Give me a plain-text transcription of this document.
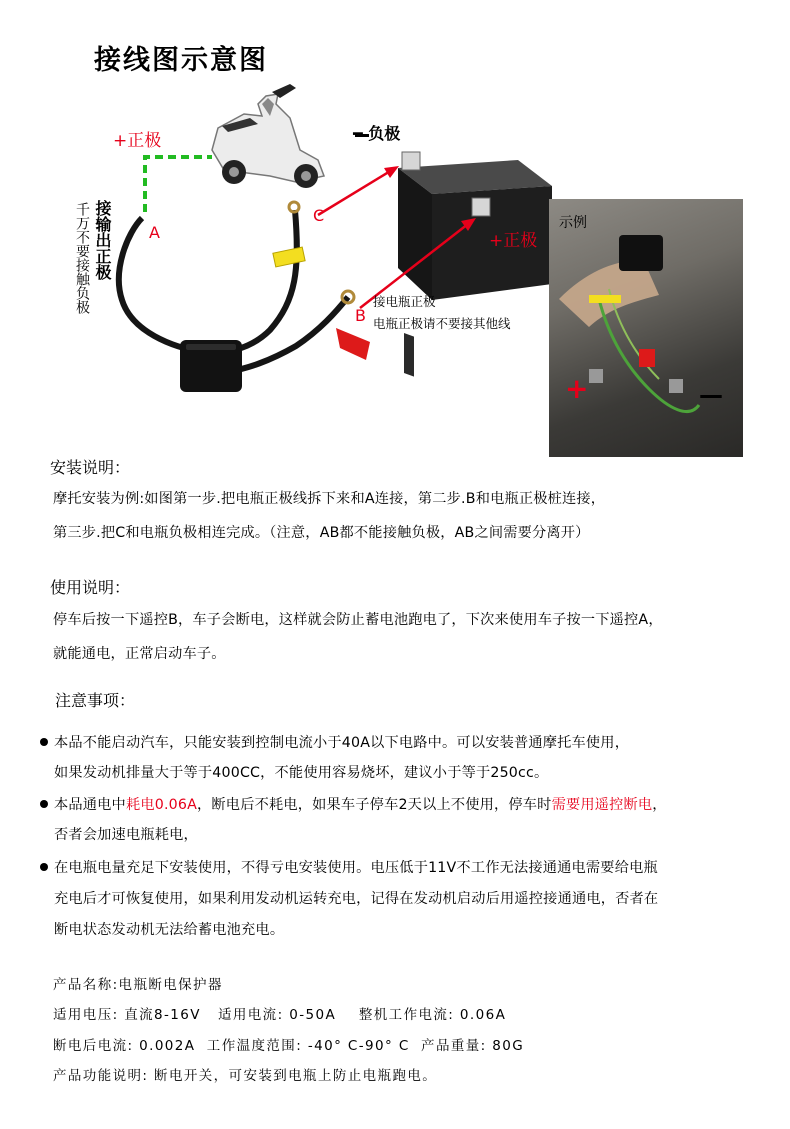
接线图示意图
+	—
+正极	━ 负极
+正极
A
B
C
接输出正极
千万不要接触负极	接电瓶正极
电瓶正极请不要接其他线
示例
安装说明：
摩托安装为例:如图第一步.把电瓶正极线拆下来和A连接，第二步.B和电瓶正极桩连接，
第三步.把C和电瓶负极相连完成。（注意，AB都不能接触负极，AB之间需要分离开）
使用说明：
停车后按一下遥控B，车子会断电，这样就会防止蓄电池跑电了，下次来使用车子按一下遥控A，
就能通电，正常启动车子。
注意事项：
本品不能启动汽车，只能安装到控制电流小于40A以下电路中。可以安装普通摩托车使用，
如果发动机排量大于等于400CC，不能使用容易烧坏，建议小于等于250cc。
本品通电中耗电0.06A，断电后不耗电，如果车子停车2天以上不使用，停车时需要用遥控断电，
否者会加速电瓶耗电，
在电瓶电量充足下安装使用，不得亏电安装使用。电压低于11V不工作无法接通通电需要给电瓶
充电后才可恢复使用，如果利用发动机运转充电，记得在发动机启动后用遥控接通通电，否者在
断电状态发动机无法给蓄电池充电。
产品名称:电瓶断电保护器
适用电压: 直流8-16V   适用电流: 0-50A    整机工作电流: 0.06A
断电后电流: 0.002A  工作温度范围: -40° C-90° C  产品重量: 80G
产品功能说明: 断电开关，可安装到电瓶上防止电瓶跑电。
